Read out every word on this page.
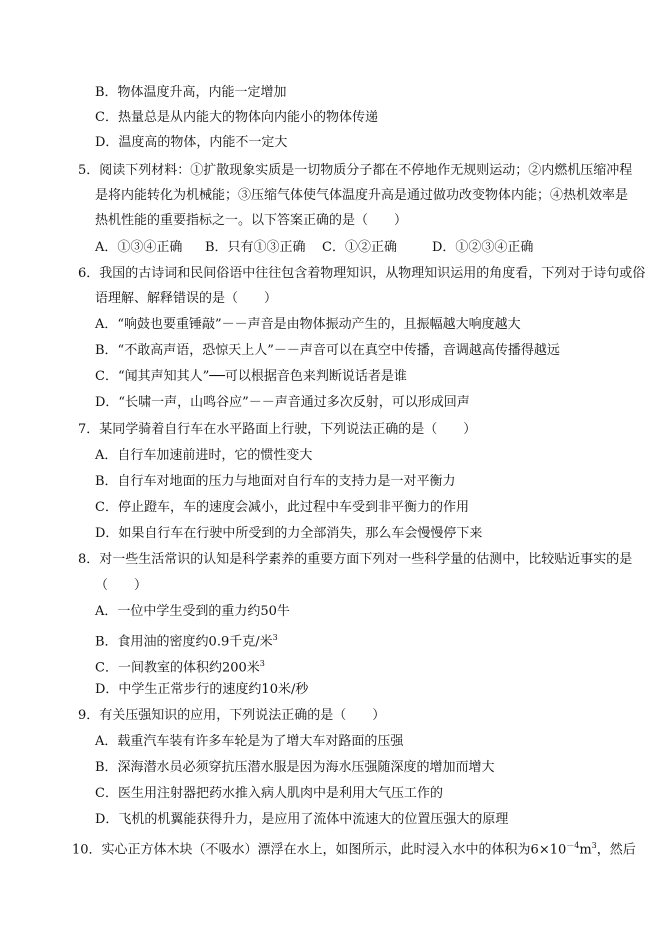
B．物体温度升高，内能一定增加
C．热量总是从内能大的物体向内能小的物体传递
D．温度高的物体，内能不一定大
5．阅读下列材料：①扩散现象实质是一切物质分子都在不停地作无规则运动；②内燃机压缩冲程
是将内能转化为机械能；③压缩气体使气体温度升高是通过做功改变物体内能；④热机效率是
热机性能的重要指标之一。以下答案正确的是（　　）
A．①③④正确 B．只有①③正确 C．①②正确	D．①②③④正确
6．我国的古诗词和民间俗语中往往包含着物理知识，从物理知识运用的角度看，下列对于诗句或俗
语理解、解释错误的是（　　）
A．“响鼓也要重锤敲”－－声音是由物体振动产生的，且振幅越大响度越大
B．“不敢高声语，恐惊天上人”－－声音可以在真空中传播，音调越高传播得越远
C．“闻其声知其人”──可以根据音色来判断说话者是谁
D．“长啸一声，山鸣谷应”－－声音通过多次反射，可以形成回声
7．某同学骑着自行车在水平路面上行驶，下列说法正确的是（　　）
A．自行车加速前进时，它的惯性变大
B．自行车对地面的压力与地面对自行车的支持力是一对平衡力
C．停止蹬车，车的速度会减小，此过程中车受到非平衡力的作用
D．如果自行车在行驶中所受到的力全部消失，那么车会慢慢停下来
8．对一些生活常识的认知是科学素养的重要方面下列对一些科学量的估测中，比较贴近事实的是
（　　）
A．一位中学生受到的重力约50牛
B．食用油的密度约0.9千克/米$^3$
C．一间教室的体积约200米$^3$
D．中学生正常步行的速度约10米/秒
9．有关压强知识的应用，下列说法正确的是（　　）
A．载重汽车装有许多车轮是为了增大车对路面的压强
B．深海潜水员必须穿抗压潜水服是因为海水压强随深度的增加而增大
C．医生用注射器把药水推入病人肌肉中是利用大气压工作的
D．飞机的机翼能获得升力，是应用了流体中流速大的位置压强大的原理
10．实心正方体木块（不吸水）漂浮在水上，如图所示，此时浸入水中的体积为$6\times 10^{-4}m^3$，然后
